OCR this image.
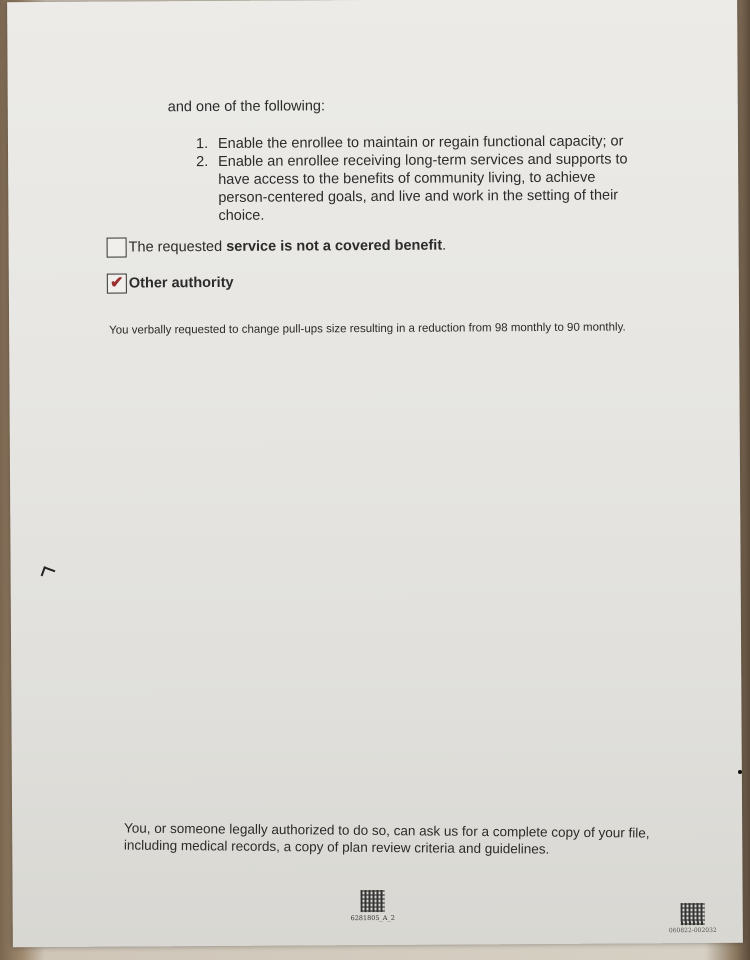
and one of the following:
1. Enable the enrollee to maintain or regain functional capacity; or
2. Enable an enrollee receiving long-term services and supports to have access to the benefits of community living, to achieve person-centered goals, and live and work in the setting of their choice.
The requested service is not a covered benefit .
✔ Other authority
You verbally requested to change pull-ups size resulting in a reduction from 98 monthly to 90 monthly.
You, or someone legally authorized to do so, can ask us for a complete copy of your file, including medical records, a copy of plan review criteria and guidelines.
6281805_A_2
060822-002032
